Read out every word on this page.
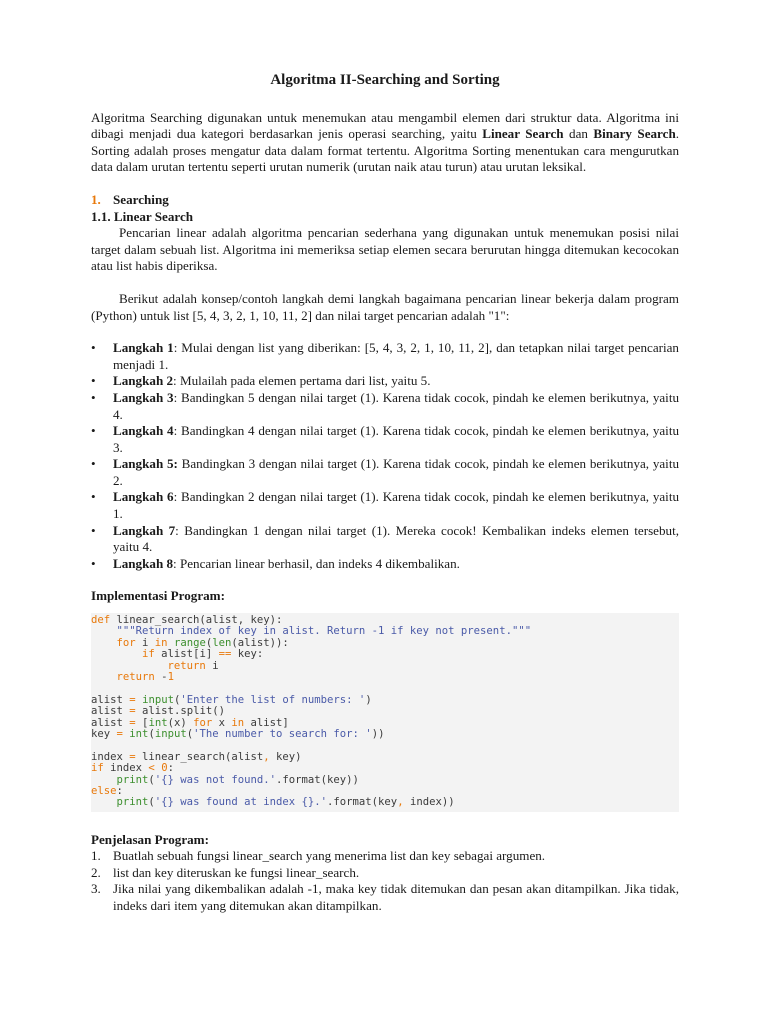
Algoritma II-Searching and Sorting

Algoritma Searching digunakan untuk menemukan atau mengambil elemen dari struktur data. Algoritma ini dibagi menjadi dua kategori berdasarkan jenis operasi searching, yaitu Linear Search dan Binary Search. Sorting adalah proses mengatur data dalam format tertentu. Algoritma Sorting menentukan cara mengurutkan data dalam urutan tertentu seperti urutan numerik (urutan naik atau turun) atau urutan leksikal.

1. Searching
1.1. Linear Search

Pencarian linear adalah algoritma pencarian sederhana yang digunakan untuk menemukan posisi nilai target dalam sebuah list. Algoritma ini memeriksa setiap elemen secara berurutan hingga ditemukan kecocokan atau list habis diperiksa.

Berikut adalah konsep/contoh langkah demi langkah bagaimana pencarian linear bekerja dalam program (Python) untuk list [5, 4, 3, 2, 1, 10, 11, 2] dan nilai target pencarian adalah "1":

• Langkah 1: Mulai dengan list yang diberikan: [5, 4, 3, 2, 1, 10, 11, 2], dan tetapkan nilai target pencarian menjadi 1.
• Langkah 2: Mulailah pada elemen pertama dari list, yaitu 5.
• Langkah 3: Bandingkan 5 dengan nilai target (1). Karena tidak cocok, pindah ke elemen berikutnya, yaitu 4.
• Langkah 4: Bandingkan 4 dengan nilai target (1). Karena tidak cocok, pindah ke elemen berikutnya, yaitu 3.
• Langkah 5: Bandingkan 3 dengan nilai target (1). Karena tidak cocok, pindah ke elemen berikutnya, yaitu 2.
• Langkah 6: Bandingkan 2 dengan nilai target (1). Karena tidak cocok, pindah ke elemen berikutnya, yaitu 1.
• Langkah 7: Bandingkan 1 dengan nilai target (1). Mereka cocok! Kembalikan indeks elemen tersebut, yaitu 4.
• Langkah 8: Pencarian linear berhasil, dan indeks 4 dikembalikan.
Implementasi Program:
def linear_search(alist, key):
"""Return index of key in alist. Return -1 if key not present."""
for i in range(len(alist)):
if alist[i] == key:
return i
return -1
alist = input('Enter the list of numbers: ')
alist = alist.split()
alist = [int(x) for x in alist]
key = int(input('The number to search for: '))
index = linear_search(alist, key)
if index < 0:
print('{} was not found.'.format(key))
else:
print('{} was found at index {}.'.format(key, index))
Penjelasan Program:
1. Buatlah sebuah fungsi linear_search yang menerima list dan key sebagai argumen.
2. list dan key diteruskan ke fungsi linear_search.
3. Jika nilai yang dikembalikan adalah -1, maka key tidak ditemukan dan pesan akan ditampilkan. Jika tidak, indeks dari item yang ditemukan akan ditampilkan.
